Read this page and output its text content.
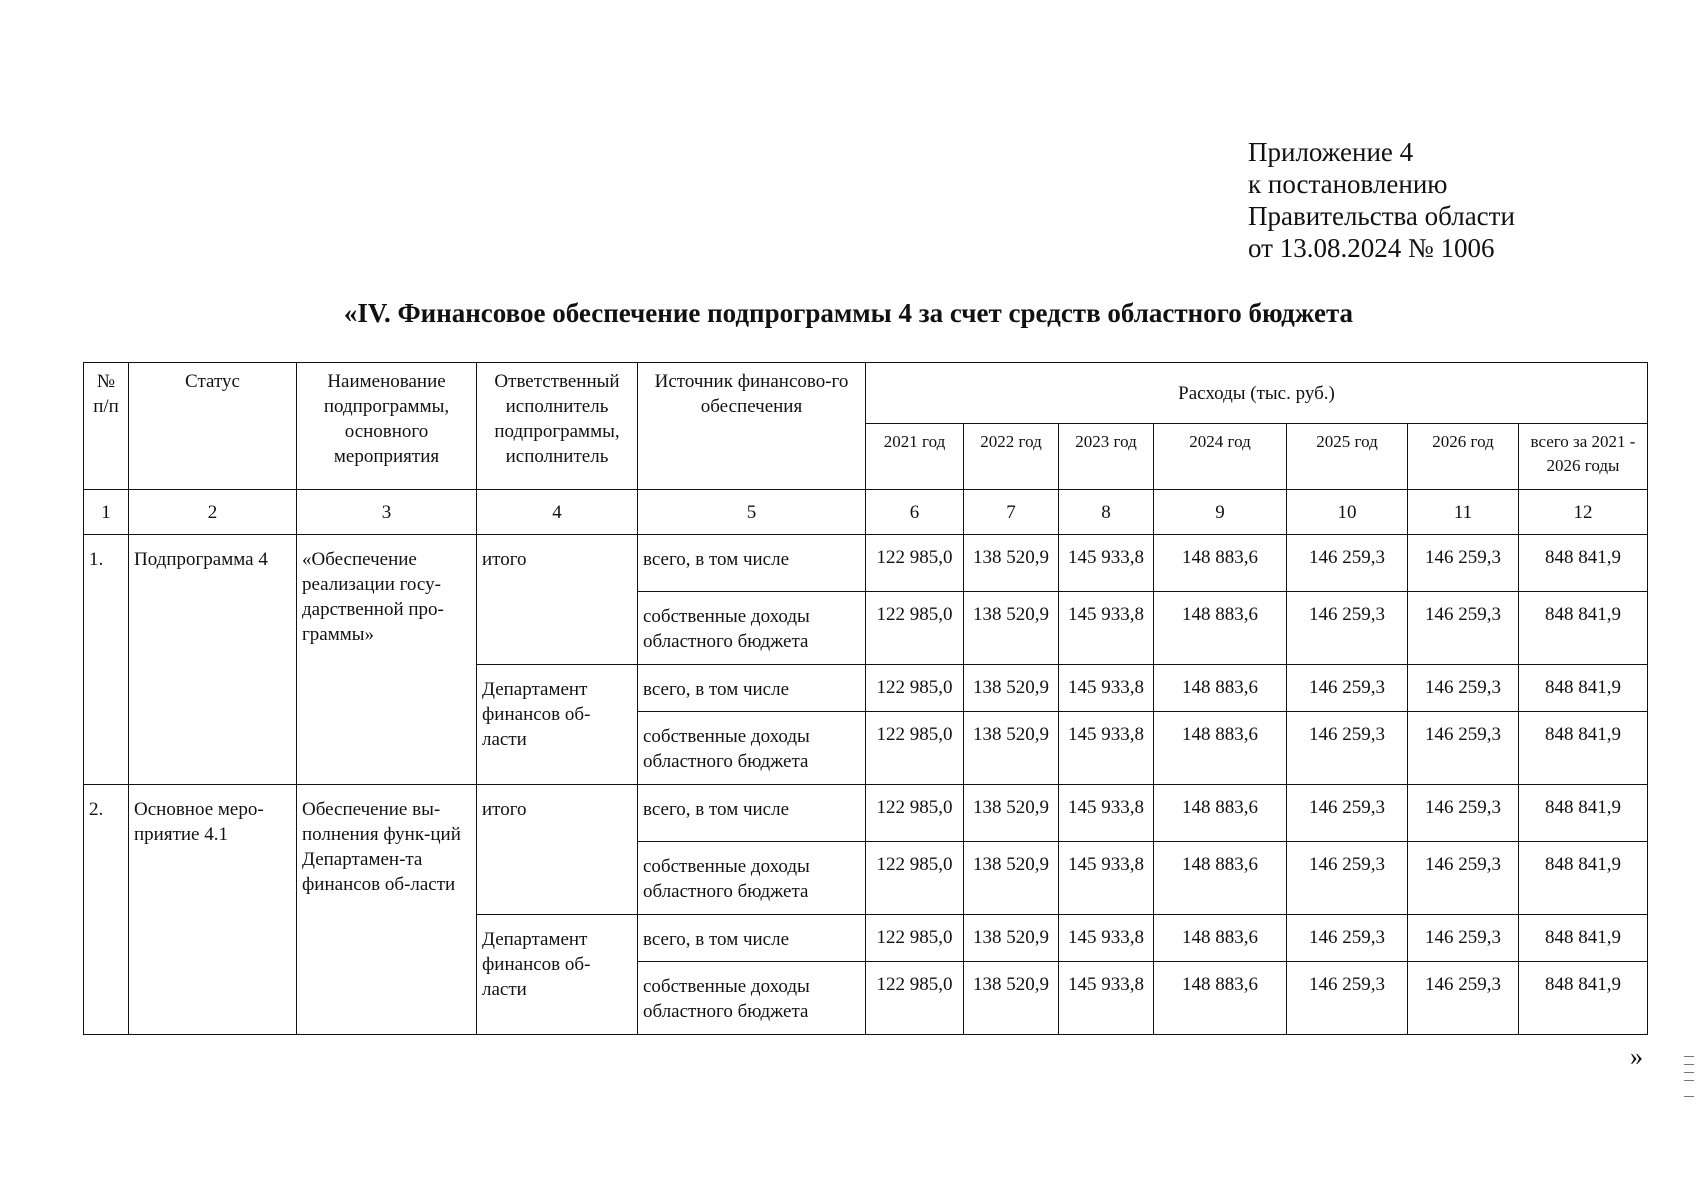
Приложение 4
к постановлению
Правительства области
от 13.08.2024 № 1006
«IV. Финансовое обеспечение подпрограммы 4 за счет средств областного бюджета
№ п/п	Статус	Наименование подпрограммы, основного мероприятия	Ответственный исполнитель подпрограммы, исполнитель	Источник финансово-го обеспечения	Расходы (тыс. руб.)						
					2021 год	2022 год	2023 год	2024 год	2025 год	2026 год	всего за 2021 - 2026 годы
1	2	3	4	5	6	7	8	9	10	11	12
1.	Подпрограмма 4	«Обеспечение реализации госу-дарственной про-граммы»	итого	всего, в том числе	122 985,0	138 520,9	145 933,8	148 883,6	146 259,3	146 259,3	848 841,9
				собственные доходы областного бюджета	122 985,0	138 520,9	145 933,8	148 883,6	146 259,3	146 259,3	848 841,9
			Департамент финансов об-ласти	всего, в том числе	122 985,0	138 520,9	145 933,8	148 883,6	146 259,3	146 259,3	848 841,9
				собственные доходы областного бюджета	122 985,0	138 520,9	145 933,8	148 883,6	146 259,3	146 259,3	848 841,9
2.	Основное меро-приятие 4.1	Обеспечение вы-полнения функ-ций Департамен-та финансов об-ласти	итого	всего, в том числе	122 985,0	138 520,9	145 933,8	148 883,6	146 259,3	146 259,3	848 841,9
				собственные доходы областного бюджета	122 985,0	138 520,9	145 933,8	148 883,6	146 259,3	146 259,3	848 841,9
			Департамент финансов об-ласти	всего, в том числе	122 985,0	138 520,9	145 933,8	148 883,6	146 259,3	146 259,3	848 841,9
				собственные доходы областного бюджета	122 985,0	138 520,9	145 933,8	148 883,6	146 259,3	146 259,3	848 841,9
»
